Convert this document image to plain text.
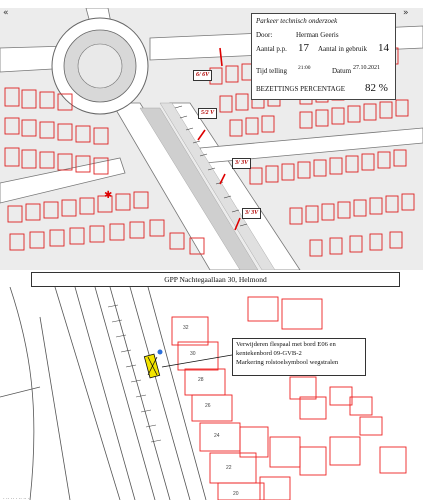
✱
«	»
6/ 6V
5/2 V
3/ 3V
3/ 3V
Parkeer technisch onderzoek
Door:	Herman Geeris
Aantal p.p. 17 Aantal in gebruik 14
Tijd telling 21:00	Datum 27.10.2021
BEZETTINGS PERCENTAGE 82 %
GPP Nachtegaallaan 30, Helmond
32
30
28
26
24
22
20
Verwijderen flespaal met bord E06 en
kentekenbord 09-GVB-2
Markering rolstoelsymbool wegstralen
· ·· ·· · ·· ·· ·
